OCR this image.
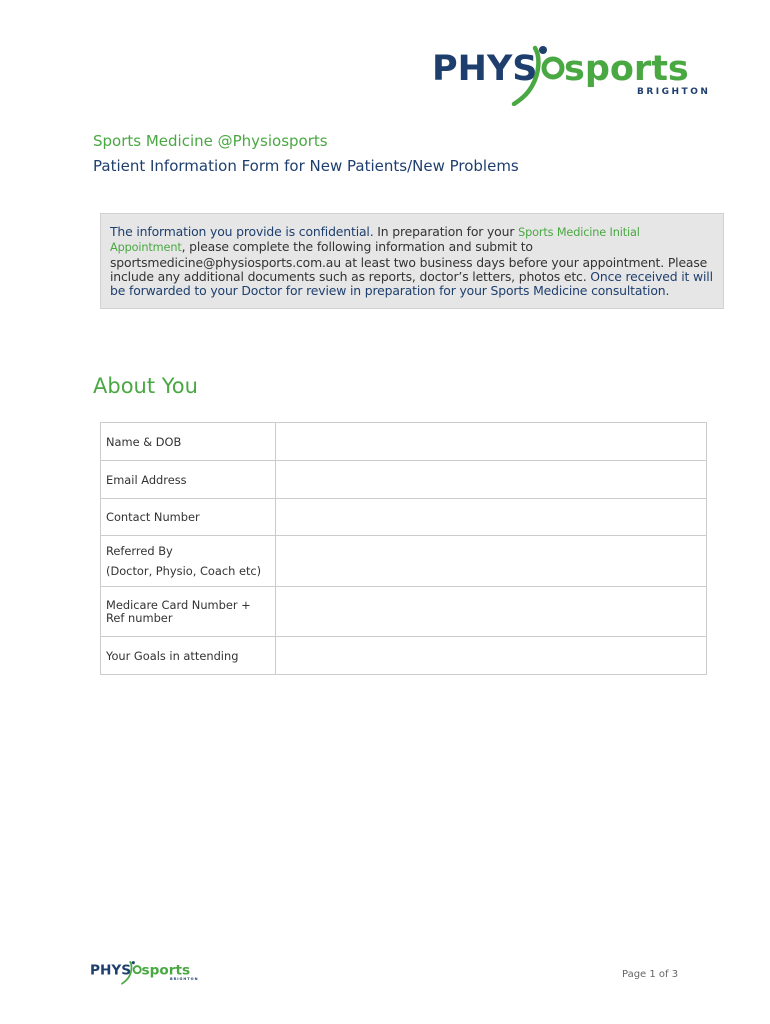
PHYS sports
BRIGHTON
Sports Medicine @Physiosports
Patient Information Form for New Patients/New Problems
The information you provide is confidential. In preparation for your Sports Medicine Initial Appointment, please complete the following information and submit to sportsmedicine@physiosports.com.au at least two business days before your appointment. Please include any additional documents such as reports, doctor’s letters, photos etc. Once received it will be forwarded to your Doctor for review in preparation for your Sports Medicine consultation.
About You
Name & DOB	
Email Address	
Contact Number	
Referred By
(Doctor, Physio, Coach etc)	

Medicare Card Number + Ref number	
Your Goals in attending	
PHYS sports
BRIGHTON	Page 1 of 3
